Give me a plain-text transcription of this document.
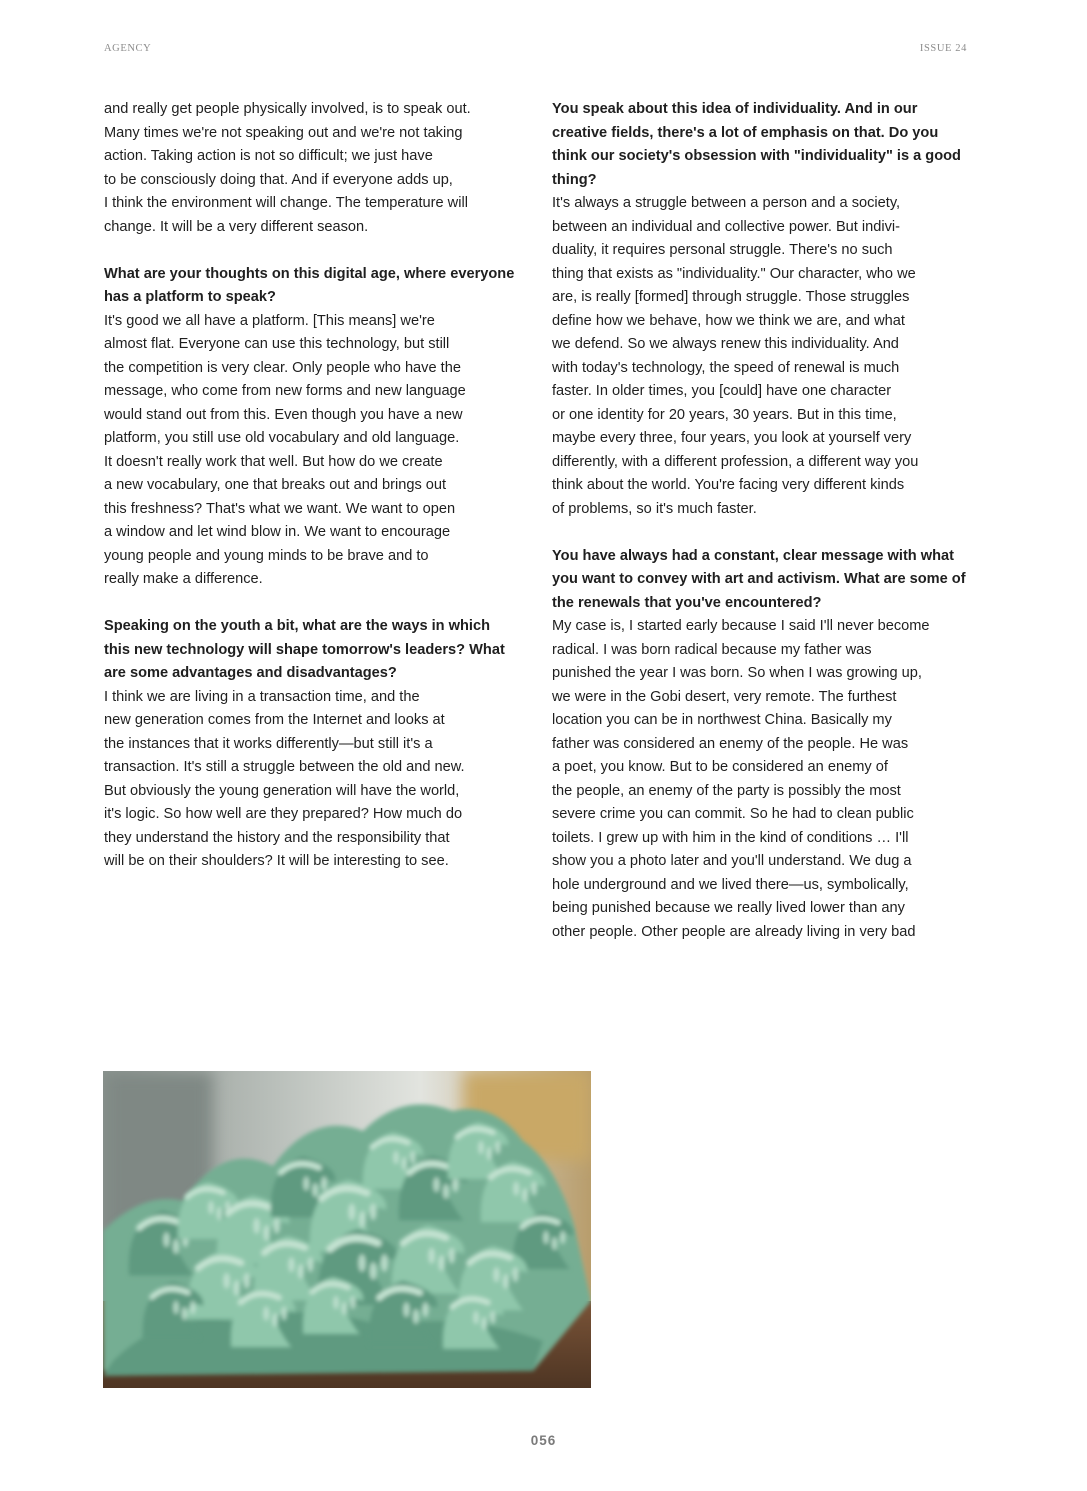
AGENCY	ISSUE 24

and really get people physically involved, is to speak out.
Many times we're not speaking out and we're not taking
action. Taking action is not so difficult; we just have
to be consciously doing that. And if everyone adds up,
I think the environment will change. The temperature will
change. It will be a very different season.

What are your thoughts on this digital age, where everyone has a platform to speak?
It's good we all have a platform. [This means] we're
almost flat. Everyone can use this technology, but still
the competition is very clear. Only people who have the
message, who come from new forms and new language
would stand out from this. Even though you have a new
platform, you still use old vocabulary and old language.
It doesn't really work that well. But how do we create
a new vocabulary, one that breaks out and brings out
this freshness? That's what we want. We want to open
a window and let wind blow in. We want to encourage
young people and young minds to be brave and to
really make a difference.

Speaking on the youth a bit, what are the ways in which this new technology will shape tomorrow's leaders? What are some advantages and disadvantages?
I think we are living in a transaction time, and the
new generation comes from the Internet and looks at
the instances that it works differently—but still it's a
transaction. It's still a struggle between the old and new.
But obviously the young generation will have the world,
it's logic. So how well are they prepared? How much do
they understand the history and the responsibility that
will be on their shoulders? It will be interesting to see.

You speak about this idea of individuality. And in our creative fields, there's a lot of emphasis on that. Do you think our society's obsession with "individuality" is a good thing?
It's always a struggle between a person and a society,
between an individual and collective power. But indivi-
duality, it requires personal struggle. There's no such
thing that exists as "individuality." Our character, who we
are, is really [formed] through struggle. Those struggles
define how we behave, how we think we are, and what
we defend. So we always renew this individuality. And
with today's technology, the speed of renewal is much
faster. In older times, you [could] have one character
or one identity for 20 years, 30 years. But in this time,
maybe every three, four years, you look at yourself very
differently, with a different profession, a different way you
think about the world. You're facing very different kinds
of problems, so it's much faster.

You have always had a constant, clear message with what you want to convey with art and activism. What are some of the renewals that you've encountered?
My case is, I started early because I said I'll never become
radical. I was born radical because my father was
punished the year I was born. So when I was growing up,
we were in the Gobi desert, very remote. The furthest
location you can be in northwest China. Basically my
father was considered an enemy of the people. He was
a poet, you know. But to be considered an enemy of
the people, an enemy of the party is possibly the most
severe crime you can commit. So he had to clean public
toilets. I grew up with him in the kind of conditions … I'll
show you a photo later and you'll understand. We dug a
hole underground and we lived there—us, symbolically,
being punished because we really lived lower than any
other people. Other people are already living in very bad

056
